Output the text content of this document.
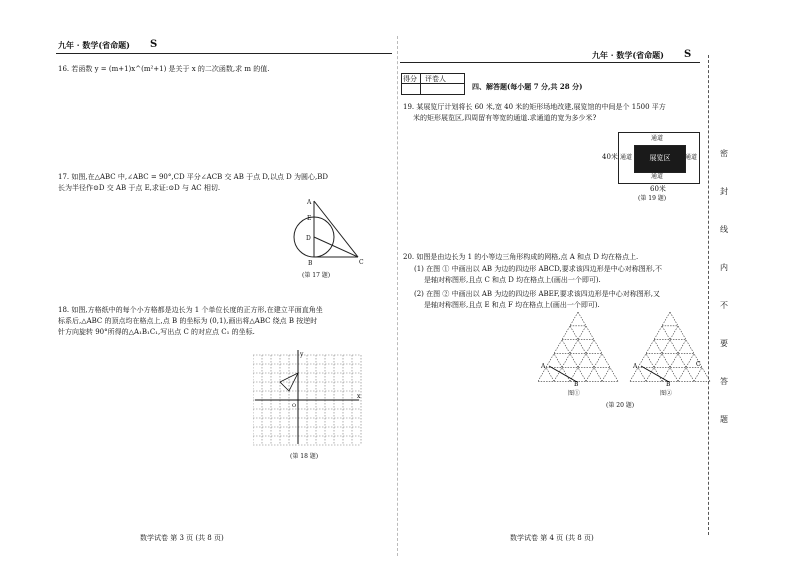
九年 · 数学(省命题) S
16. 若函数 y = (m+1)x^(m²+1) 是关于 x 的二次函数,求 m 的值.
17. 如图,在△ABC 中,∠ABC = 90°,CD 平分∠ACB 交 AB 于点 D,以点 D 为圆心,BD
长为半径作⊙D 交 AB 于点 E,求证:⊙D 与 AC 相切.
A
E
D
B	C
(第 17 题)
18. 如图,方格纸中的每个小方格都是边长为 1 个单位长度的正方形,在建立平面直角坐
标系后,△ABC 的顶点均在格点上,点 B 的坐标为 (0,1),画出将△ABC 绕点 B 按逆时
针方向旋转 90°所得的△A₁B₁C₁,写出点 C 的对应点 C₁ 的坐标.
x
y
O
(第 18 题)
数学试卷 第 3 页 (共 8 页)
九年 · 数学(省命题) S
得分 评卷人
四、解答题(每小题 7 分,共 28 分)
19. 某展览厅计划将长 60 米,宽 40 米的矩形场地改建,展览馆的中间是个 1500 平方
米的矩形展览区,四周留有等宽的通道.求通道的宽为多少米?
展览区
通道
通道
通道	通道
40米
60米
(第 19 题)
20. 如图是由边长为 1 的小等边三角形构成的网格,点 A 和点 D 均在格点上.
(1) 在图 ① 中画出以 AB 为边的四边形 ABCD,要求该四边形是中心对称图形,不
是轴对称图形,且点 C 和点 D 均在格点上(画出一个即可).
(2) 在图 ② 中画出以 AB 为边的四边形 ABEF,要求该四边形是中心对称图形,又
是轴对称图形,且点 E 和点 F 均在格点上(画出一个即可).
A
B
A
B
C
图①	图②
(第 20 题)
数学试卷 第 4 页 (共 8 页)
密
封
线
内
不
要
答
题
